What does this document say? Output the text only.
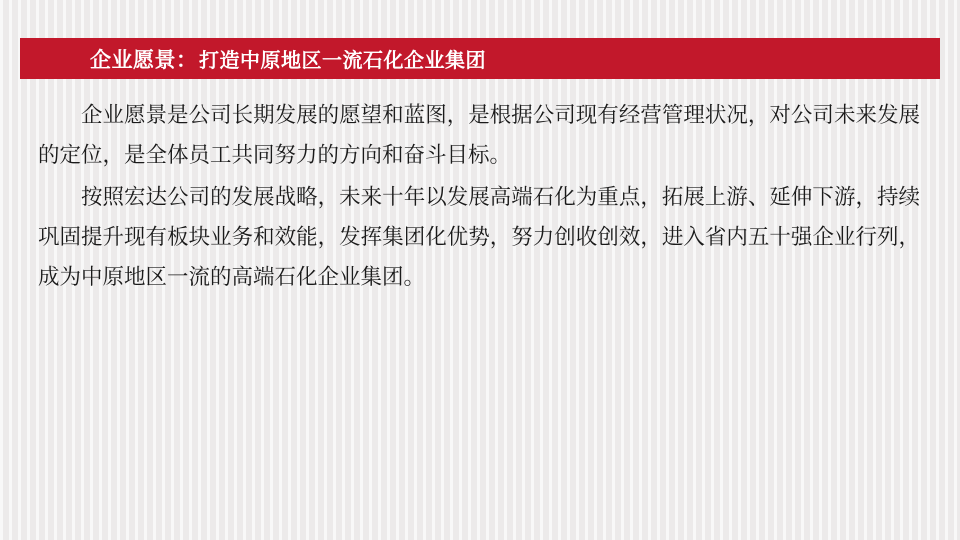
企业愿景 ： 打造中原地区一流石化企业集团

企业愿景是公司长期发展的愿望和蓝图，是根据公司现有经营管理状况，对公司未来发展的定位，是全体员工共同努力的方向和奋斗目标。

按照宏达公司的发展战略，未来十年以发展高端石化为重点，拓展上游、延伸下游，持续巩固提升现有板块业务和效能，发挥集团化优势，努力创收创效，进入省内五十强企业行列，成为中原地区一流的高端石化企业集团。
